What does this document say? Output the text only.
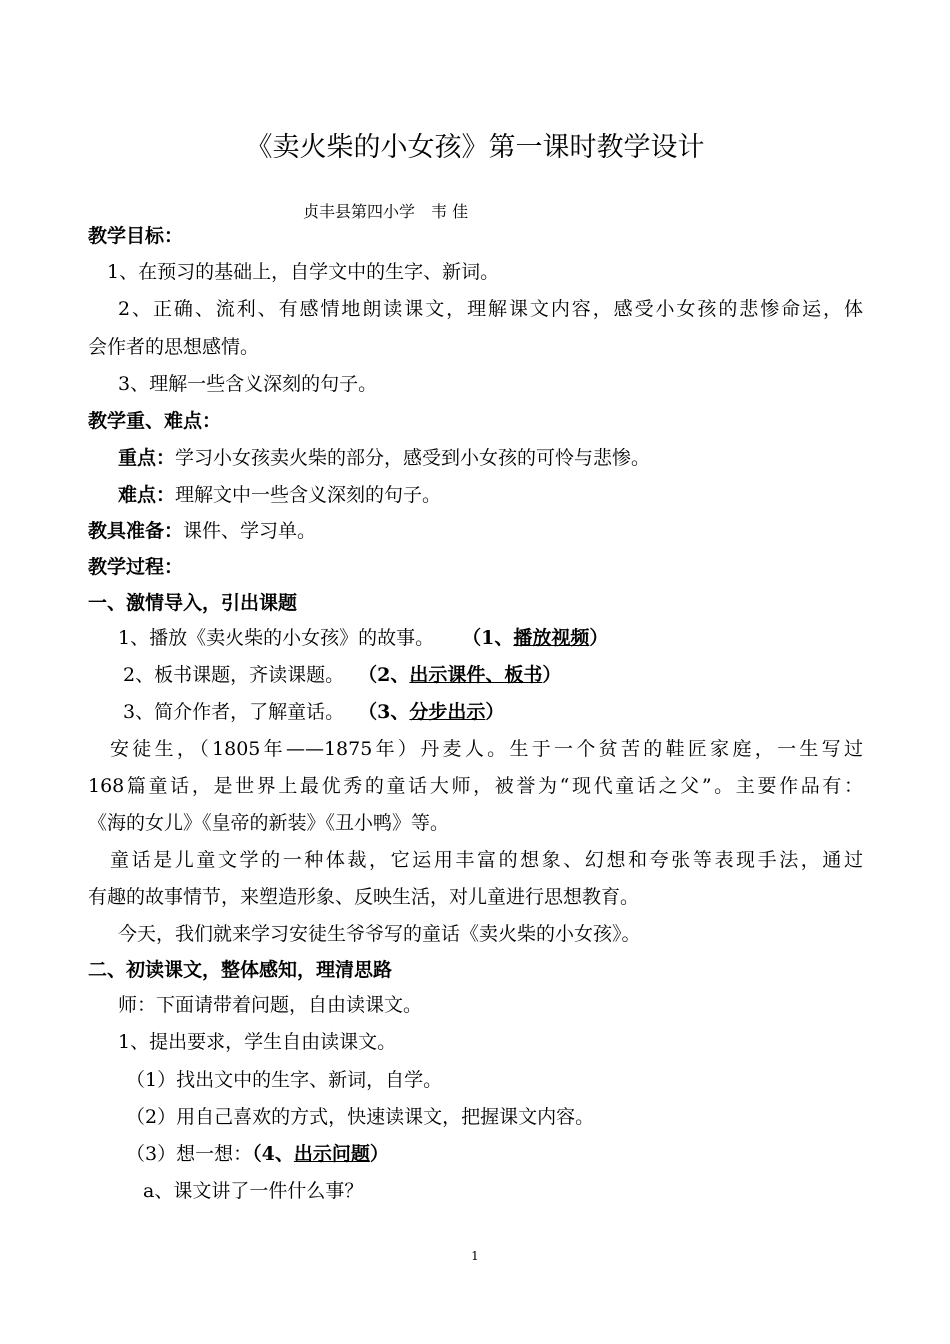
《卖火柴的小女孩》第一课时教学设计
贞丰县第四小学　韦 佳
教学目标：
1、在预习的基础上，自学文中的生字、新词。
2、正确、流利、有感情地朗读课文，理解课文内容，感受小女孩的悲惨命运，体
会作者的思想感情。
3、理解一些含义深刻的句子。
教学重、难点：
重点：学习小女孩卖火柴的部分，感受到小女孩的可怜与悲惨。
难点：理解文中一些含义深刻的句子。
教具准备：课件、学习单。
教学过程：
一、激情导入，引出课题
1、播放《卖火柴的小女孩》的故事。 （1、播放视频）
2、板书课题，齐读课题。 （2、出示课件、板书）
3、简介作者，了解童话。 （3、分步出示）
安徒生，（1805年——1875年）丹麦人。生于一个贫苦的鞋匠家庭，一生写过
168篇童话，是世界上最优秀的童话大师，被誉为“现代童话之父”。主要作品有：
《海的女儿》《皇帝的新装》《丑小鸭》等。
童话是儿童文学的一种体裁，它运用丰富的想象、幻想和夸张等表现手法，通过
有趣的故事情节，来塑造形象、反映生活，对儿童进行思想教育。
今天，我们就来学习安徒生爷爷写的童话《卖火柴的小女孩》。
二、初读课文，整体感知，理清思路
师：下面请带着问题，自由读课文。
1、提出要求，学生自由读课文。
（1）找出文中的生字、新词，自学。
（2）用自己喜欢的方式，快速读课文，把握课文内容。
（3）想一想：（4、出示问题）
a、课文讲了一件什么事？
1
